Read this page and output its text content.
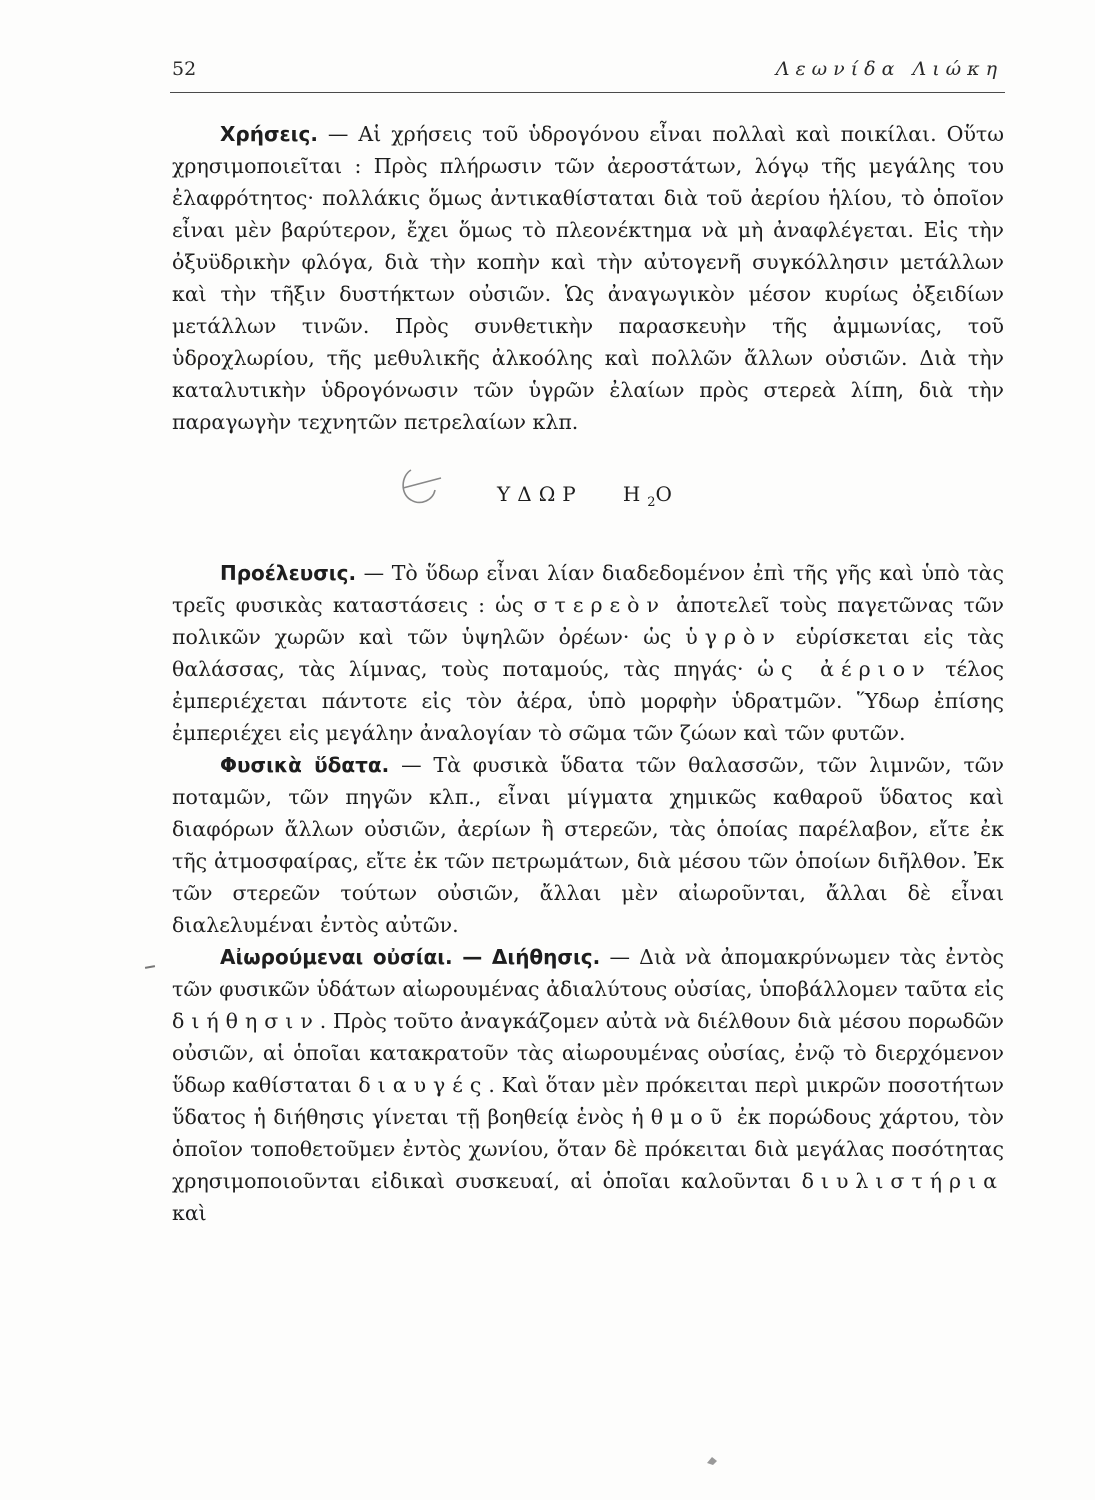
52	Λεωνίδα Λιώκη

Χρήσεις. — Αἱ χρήσεις τοῦ ὑδρογόνου εἶναι πολλαὶ καὶ ποικίλαι. Οὕτω χρησιμοποιεῖται : Πρὸς πλήρωσιν τῶν ἀεροστάτων, λόγῳ τῆς μεγάλης του ἐλαφρότητος· πολλάκις ὅμως ἀντικαθίσταται διὰ τοῦ ἀερίου ἡλίου, τὸ ὁποῖον εἶναι μὲν βαρύτερον, ἔχει ὅμως τὸ πλεονέκτημα νὰ μὴ ἀναφλέγεται. Εἰς τὴν ὀξυϋδρικὴν φλόγα, διὰ τὴν κοπὴν καὶ τὴν αὐτογενῆ συγκόλλησιν μετάλλων καὶ τὴν τῆξιν δυστήκτων οὐσιῶν. Ὡς ἀναγωγικὸν μέσον κυρίως ὀξειδίων μετάλλων τινῶν. Πρὸς συνθετικὴν παρασκευὴν τῆς ἀμμωνίας, τοῦ ὑδροχλωρίου, τῆς μεθυλικῆς ἀλκοόλης καὶ πολλῶν ἄλλων οὐσιῶν. Διὰ τὴν καταλυτικὴν ὑδρογόνωσιν τῶν ὑγρῶν ἐλαίων πρὸς στερεὰ λίπη, διὰ τὴν παραγωγὴν τεχνητῶν πετρελαίων κλπ.

ΥΔΩΡ $H_2O$

Προέλευσις. — Τὸ ὕδωρ εἶναι λίαν διαδεδομένον ἐπὶ τῆς γῆς καὶ ὑπὸ τὰς τρεῖς φυσικὰς καταστάσεις : ὡς στερεὸν ἀποτελεῖ τοὺς παγετῶνας τῶν πολικῶν χωρῶν καὶ τῶν ὑψηλῶν ὀρέων· ὡς ὑγρὸν εὑρίσκεται εἰς τὰς θαλάσσας, τὰς λίμνας, τοὺς ποταμούς, τὰς πηγάς· ὡς ἀέριον τέλος ἐμπεριέχεται πάντοτε εἰς τὸν ἀέρα, ὑπὸ μορφὴν ὑδρατμῶν. Ὕδωρ ἐπίσης ἐμπεριέχει εἰς μεγάλην ἀναλογίαν τὸ σῶμα τῶν ζώων καὶ τῶν φυτῶν.

Φυσικὰ ὕδατα. — Τὰ φυσικὰ ὕδατα τῶν θαλασσῶν, τῶν λιμνῶν, τῶν ποταμῶν, τῶν πηγῶν κλπ., εἶναι μίγματα χημικῶς καθαροῦ ὕδατος καὶ διαφόρων ἄλλων οὐσιῶν, ἀερίων ἢ στερεῶν, τὰς ὁποίας παρέλαβον, εἴτε ἐκ τῆς ἀτμοσφαίρας, εἴτε ἐκ τῶν πετρωμάτων, διὰ μέσου τῶν ὁποίων διῆλθον. Ἐκ τῶν στερεῶν τούτων οὐσιῶν, ἄλλαι μὲν αἰωροῦνται, ἄλλαι δὲ εἶναι διαλελυμέναι ἐντὸς αὐτῶν.

Αἰωρούμεναι οὐσίαι. — Διήθησις. — Διὰ νὰ ἀπομακρύνωμεν τὰς ἐντὸς τῶν φυσικῶν ὑδάτων αἰωρουμένας ἀδιαλύτους οὐσίας, ὑποβάλλομεν ταῦτα εἰς διήθησιν. Πρὸς τοῦτο ἀναγκάζομεν αὐτὰ νὰ διέλθουν διὰ μέσου πορωδῶν οὐσιῶν, αἱ ὁποῖαι κατακρατοῦν τὰς αἰωρουμένας οὐσίας, ἐνῷ τὸ διερχόμενον ὕδωρ καθίσταται διαυγές. Καὶ ὅταν μὲν πρόκειται περὶ μικρῶν ποσοτήτων ὕδατος ἡ διήθησις γίνεται τῇ βοηθείᾳ ἑνὸς ἠθμοῦ ἐκ πορώδους χάρτου, τὸν ὁποῖον τοποθετοῦμεν ἐντὸς χωνίου, ὅταν δὲ πρόκειται διὰ μεγάλας ποσότητας χρησιμοποιοῦνται εἰδικαὶ συσκευαί, αἱ ὁποῖαι καλοῦνται διυλιστήρια καὶ
